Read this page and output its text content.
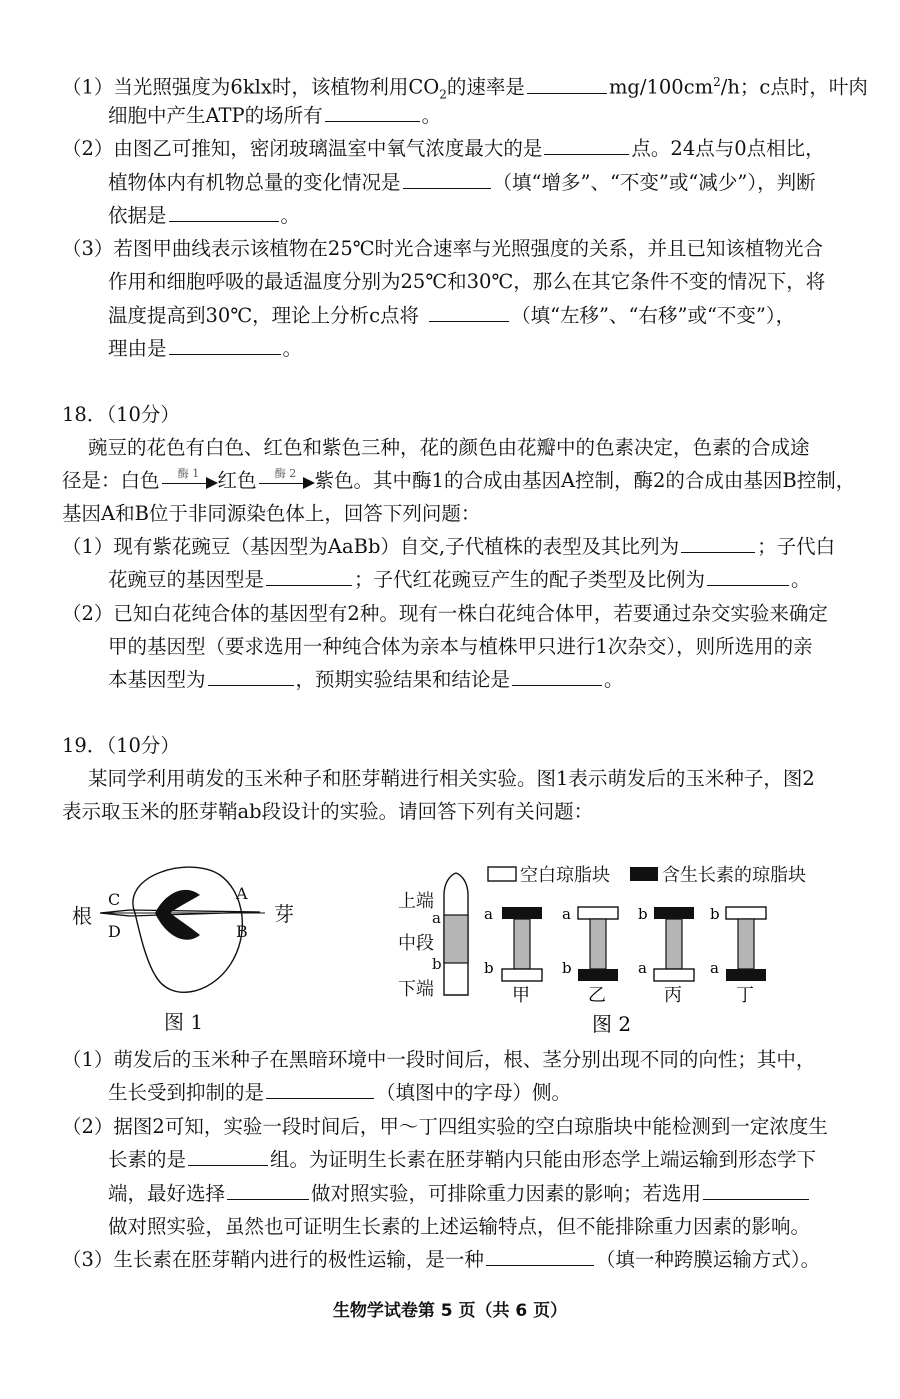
（1）当光照强度为6klx时，该植物利用$CO_2$的速率是	$mg/100cm^2/h$；c点时，叶肉
细胞中产生ATP的场所有	。
（2）由图乙可推知，密闭玻璃温室中氧气浓度最大的是	点。24点与0点相比，
植物体内有机物总量的变化情况是	（填“增多”、“不变”或“减少”），判断
依据是	。
（3）若图甲曲线表示该植物在25℃时光合速率与光照强度的关系，并且已知该植物光合
作用和细胞呼吸的最适温度分别为25℃和30℃，那么在其它条件不变的情况下，将
温度提高到30℃，理论上分析c点将	（填“左移”、“右移”或“不变”），
理由是	。
18．（10分）
豌豆的花色有白色、红色和紫色三种，花的颜色由花瓣中的色素决定，色素的合成途
径是：白色	酶 1 红色	酶 2 紫色。其中酶1的合成由基因A控制，酶2的合成由基因B控制，
基因A和B位于非同源染色体上，回答下列问题：
（1）现有紫花豌豆（基因型为AaBb）自交,子代植株的表型及其比列为	；子代白
花豌豆的基因型是	；子代红花豌豆产生的配子类型及比例为	。
（2）已知白花纯合体的基因型有2种。现有一株白花纯合体甲，若要通过杂交实验来确定
甲的基因型（要求选用一种纯合体为亲本与植株甲只进行1次杂交），则所选用的亲
本基因型为	，预期实验结果和结论是	。
19．（10分）
某同学利用萌发的玉米种子和胚芽鞘进行相关实验。图1表示萌发后的玉米种子，图2
表示取玉米的胚芽鞘ab段设计的实验。请回答下列有关问题：
根	芽
C
D
A
B
图 1
空白琼脂块	含生长素的琼脂块
上端
中段
下端
a
b
a
b
甲
a
b
乙
b
a
丙
b
a
丁
图 2
（1）萌发后的玉米种子在黑暗环境中一段时间后，根、茎分别出现不同的向性；其中，
生长受到抑制的是	（填图中的字母）侧。
（2）据图2可知，实验一段时间后，甲～丁四组实验的空白琼脂块中能检测到一定浓度生
长素的是	组。为证明生长素在胚芽鞘内只能由形态学上端运输到形态学下
端，最好选择	做对照实验，可排除重力因素的影响；若选用
做对照实验，虽然也可证明生长素的上述运输特点，但不能排除重力因素的影响。
（3）生长素在胚芽鞘内进行的极性运输，是一种	（填一种跨膜运输方式）。
生物学试卷第 5 页（共 6 页）
